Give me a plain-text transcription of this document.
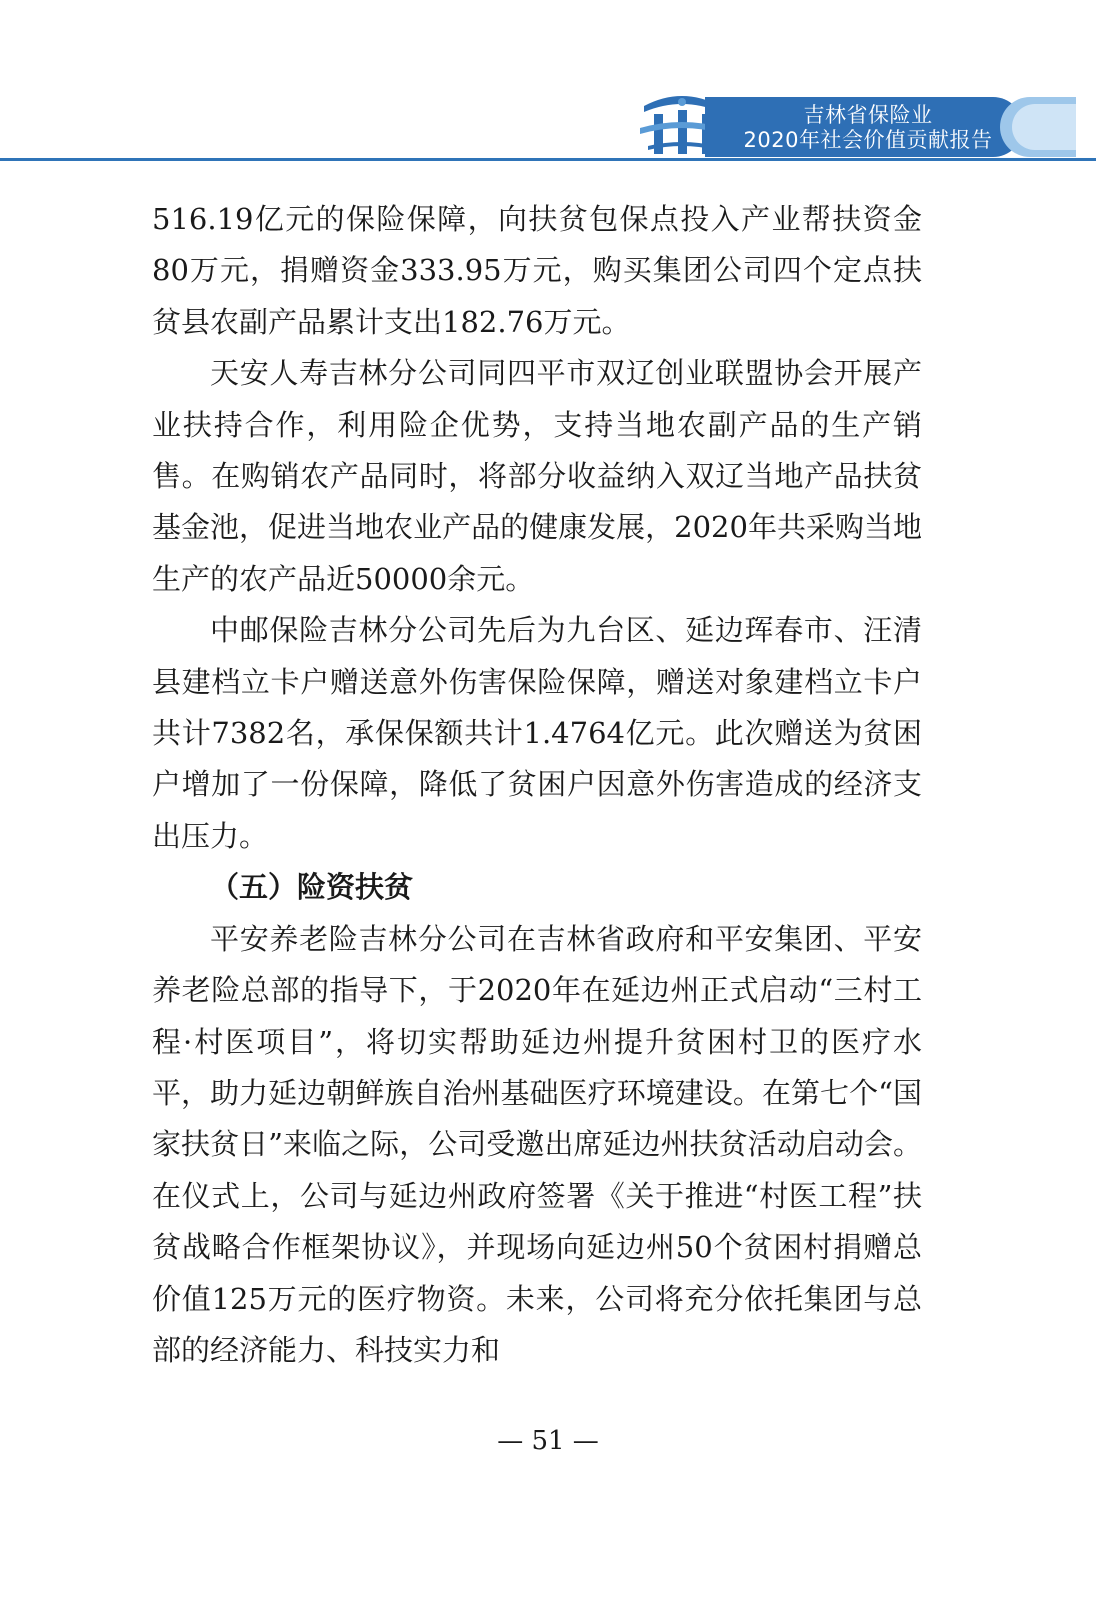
吉林省保险业
2020年社会价值贡献报告

516.19亿元的保险保障，向扶贫包保点投入产业帮扶资金80万元，捐赠资金333.95万元，购买集团公司四个定点扶贫县农副产品累计支出182.76万元。

天安人寿吉林分公司同四平市双辽创业联盟协会开展产业扶持合作，利用险企优势，支持当地农副产品的生产销售。在购销农产品同时，将部分收益纳入双辽当地产品扶贫基金池，促进当地农业产品的健康发展，2020年共采购当地生产的农产品近50000余元。

中邮保险吉林分公司先后为九台区、延边珲春市、汪清县建档立卡户赠送意外伤害保险保障，赠送对象建档立卡户共计7382名，承保保额共计1.4764亿元。此次赠送为贫困户增加了一份保障，降低了贫困户因意外伤害造成的经济支出压力。

（五）险资扶贫

平安养老险吉林分公司在吉林省政府和平安集团、平安养老险总部的指导下，于2020年在延边州正式启动“三村工程·村医项目”，将切实帮助延边州提升贫困村卫的医疗水平，助力延边朝鲜族自治州基础医疗环境建设。在第七个“国家扶贫日”来临之际，公司受邀出席延边州扶贫活动启动会。在仪式上，公司与延边州政府签署《关于推进“村医工程”扶贫战略合作框架协议》，并现场向延边州50个贫困村捐赠总价值125万元的医疗物资。未来，公司将充分依托集团与总部的经济能力、科技实力和

— 51 —
